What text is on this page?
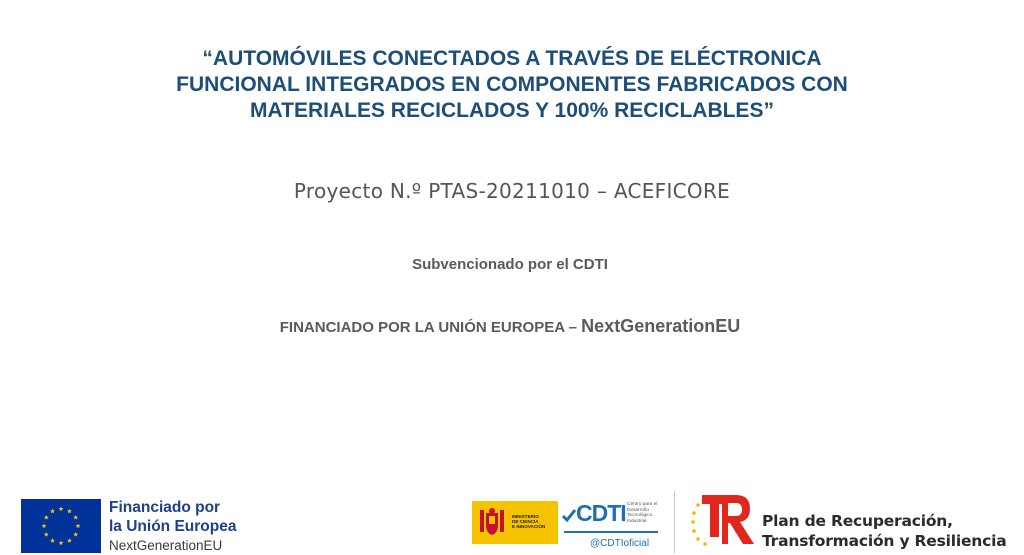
“AUTOMÓVILES CONECTADOS A TRAVÉS DE ELÉCTRONICA
FUNCIONAL INTEGRADOS EN COMPONENTES FABRICADOS CON
MATERIALES RECICLADOS Y 100% RECICLABLES”
Proyecto N.º PTAS-20211010 – ACEFICORE
Subvencionado por el CDTI
FINANCIADO POR LA UNIÓN EUROPEA – NextGenerationEU
Financiado por
la Unión Europea
NextGenerationEU
MINISTERIO
DE CIENCIA
E INNOVACIÓN
CDTI Centro para el
Desarrollo
Tecnológico
Industrial
@CDTIoficial
Plan de Recuperación,
Transformación y Resiliencia
